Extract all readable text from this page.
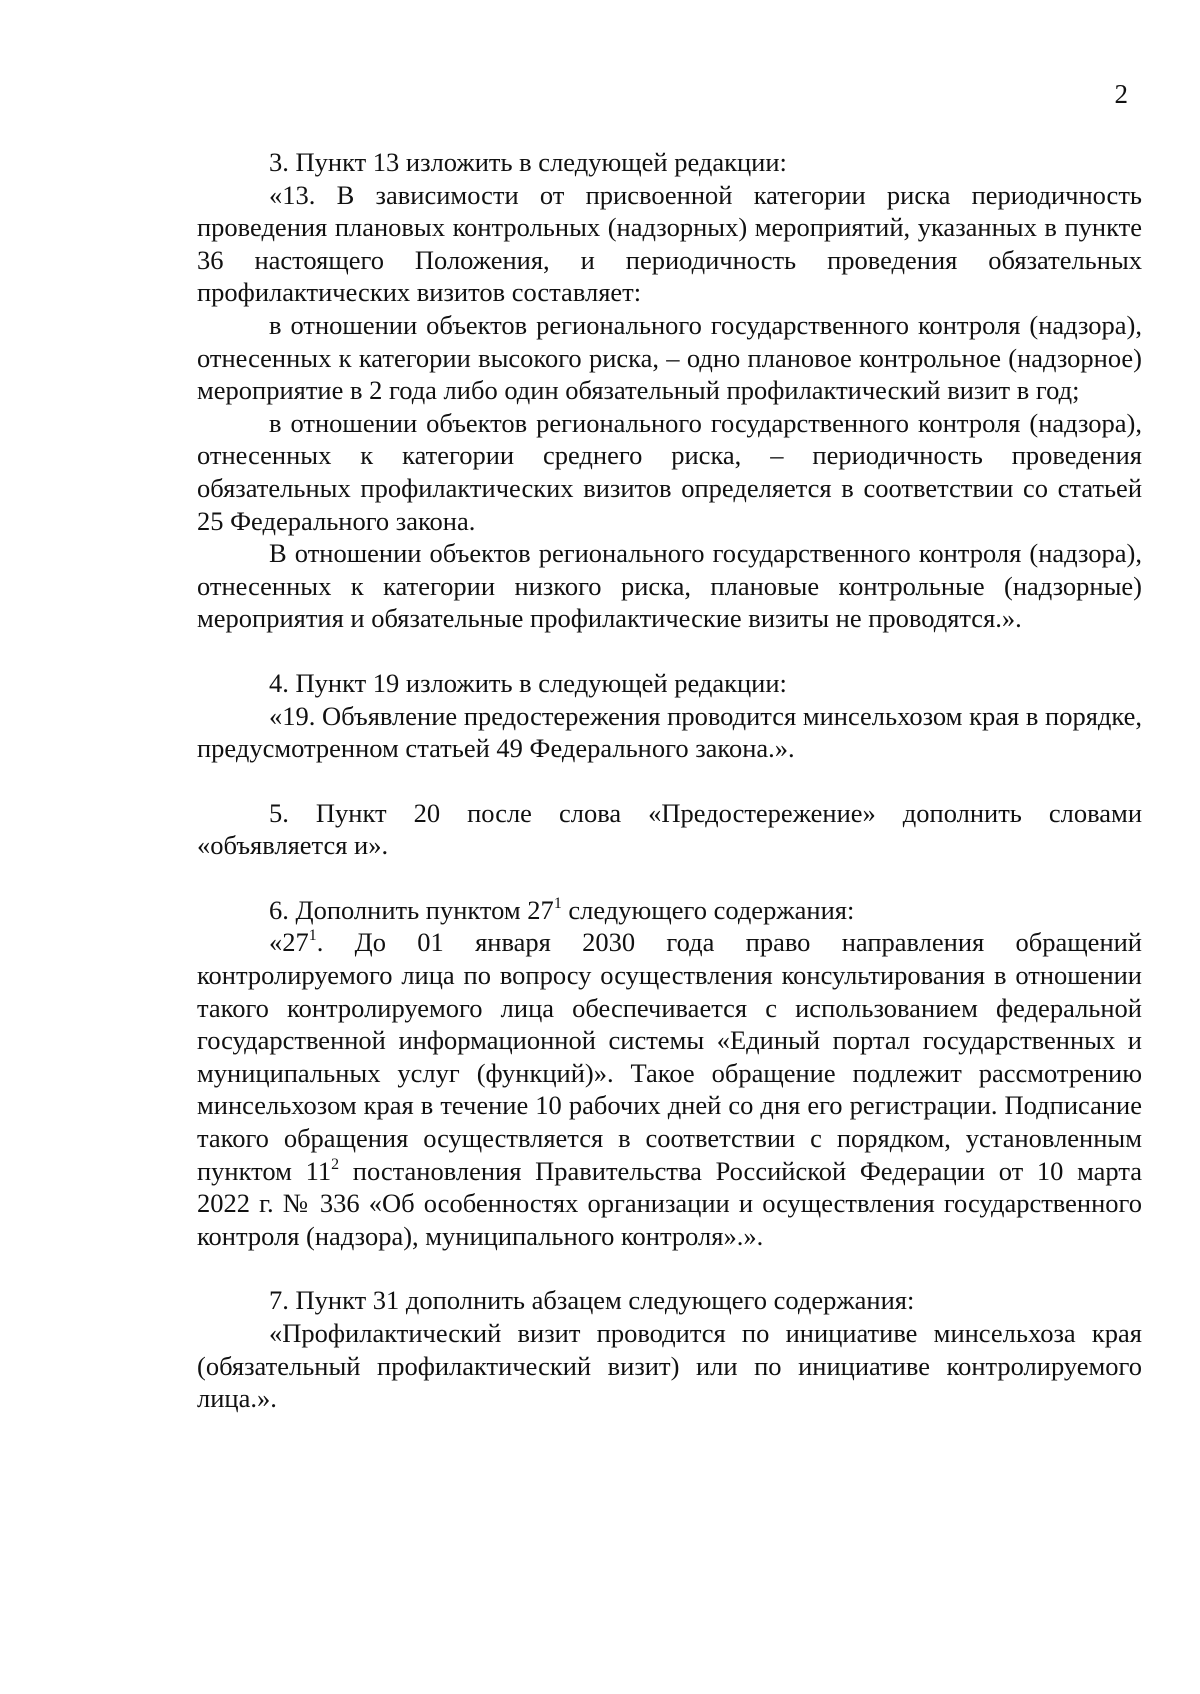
2

3. Пункт 13 изложить в следующей редакции:

«13. В зависимости от присвоенной категории риска периодичность проведения плановых контрольных (надзорных) мероприятий, указанных в пункте 36 настоящего Положения, и периодичность проведения обязательных профилактических визитов составляет:

в отношении объектов регионального государственного контроля (надзора), отнесенных к категории высокого риска, – одно плановое контрольное (надзорное) мероприятие в 2 года либо один обязательный профилактический визит в год;

в отношении объектов регионального государственного контроля (надзора), отнесенных к категории среднего риска, – периодичность проведения обязательных профилактических визитов определяется в соответствии со статьей 25 Федерального закона.

В отношении объектов регионального государственного контроля (надзора), отнесенных к категории низкого риска, плановые контрольные (надзорные) мероприятия и обязательные профилактические визиты не проводятся.».

4. Пункт 19 изложить в следующей редакции:

«19. Объявление предостережения проводится минсельхозом края в порядке, предусмотренном статьей 49 Федерального закона.».

5. Пункт 20 после слова «Предостережение» дополнить словами «объявляется и».

6. Дополнить пунктом $27^1$ следующего содержания:

«$27^1$. До 01 января 2030 года право направления обращений контролируемого лица по вопросу осуществления консультирования в отношении такого контролируемого лица обеспечивается с использованием федеральной государственной информационной системы «Единый портал государственных и муниципальных услуг (функций)». Такое обращение подлежит рассмотрению минсельхозом края в течение 10 рабочих дней со дня его регистрации. Подписание такого обращения осуществляется в соответствии с порядком, установленным пунктом $11^2$ постановления Правительства Российской Федерации от 10 марта 2022 г. № 336 «Об особенностях организации и осуществления государственного контроля (надзора), муниципального контроля».».

7. Пункт 31 дополнить абзацем следующего содержания:

«Профилактический визит проводится по инициативе минсельхоза края (обязательный профилактический визит) или по инициативе контролируемого лица.».
